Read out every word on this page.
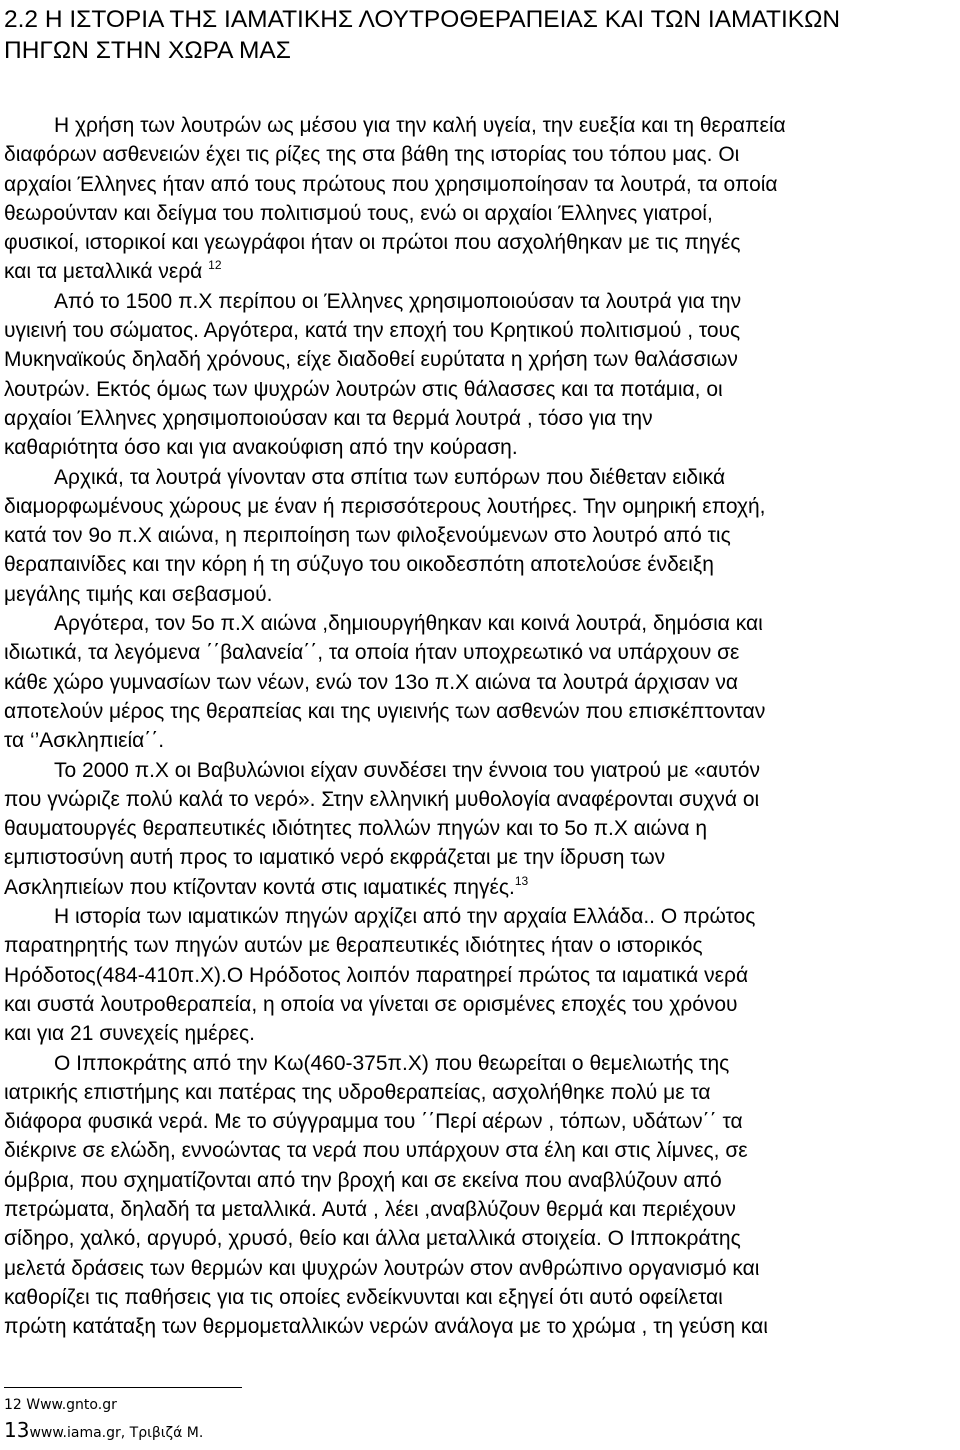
2.2 Η ΙΣΤΟΡΙΑ ΤΗΣ ΙΑΜΑΤΙΚΗΣ ΛΟΥΤΡΟΘΕΡΑΠΕΙΑΣ ΚΑΙ ΤΩΝ ΙΑΜΑΤΙΚΩΝ
ΠΗΓΩΝ ΣΤΗΝ ΧΩΡΑ ΜΑΣ

Η χρήση των λουτρών ως μέσου για την καλή υγεία, την ευεξία και τη θεραπεία
διαφόρων ασθενειών έχει τις ρίζες της στα βάθη της ιστορίας του τόπου μας. Οι
αρχαίοι Έλληνες ήταν από τους πρώτους που χρησιμοποίησαν τα λουτρά, τα οποία
θεωρούνταν και δείγμα του πολιτισμού τους, ενώ οι αρχαίοι Έλληνες γιατροί,
φυσικοί, ιστορικοί και γεωγράφοι ήταν οι πρώτοι που ασχολήθηκαν με τις πηγές
και τα μεταλλικά νερά $^{12}$

Από το 1500 π.Χ περίπου οι Έλληνες χρησιμοποιούσαν τα λουτρά για την
υγιεινή του σώματος. Αργότερα, κατά την εποχή του Κρητικού πολιτισμού , τους
Μυκηναϊκούς δηλαδή χρόνους, είχε διαδοθεί ευρύτατα η χρήση των θαλάσσιων
λουτρών. Εκτός όμως των ψυχρών λουτρών στις θάλασσες και τα ποτάμια, οι
αρχαίοι Έλληνες χρησιμοποιούσαν και τα θερμά λουτρά , τόσο για την
καθαριότητα όσο και για ανακούφιση από την κούραση.

Αρχικά, τα λουτρά γίνονταν στα σπίτια των ευπόρων που διέθεταν ειδικά
διαμορφωμένους χώρους με έναν ή περισσότερους λουτήρες. Την ομηρική εποχή,
κατά τον 9ο π.Χ αιώνα, η περιποίηση των φιλοξενούμενων στο λουτρό από τις
θεραπαινίδες και την κόρη ή τη σύζυγο του οικοδεσπότη αποτελούσε ένδειξη
μεγάλης τιμής και σεβασμού.

Αργότερα, τον 5ο π.Χ αιώνα ,δημιουργήθηκαν και κοινά λουτρά, δημόσια και
ιδιωτικά, τα λεγόμενα ΄΄βαλανεία΄΄, τα οποία ήταν υποχρεωτικό να υπάρχουν σε
κάθε χώρο γυμνασίων των νέων, ενώ τον 13ο π.Χ αιώνα τα λουτρά άρχισαν να
αποτελούν μέρος της θεραπείας και της υγιεινής των ασθενών που επισκέπτονταν
τα ‘’Ασκληπιεία΄΄.

Το 2000 π.Χ οι Βαβυλώνιοι είχαν συνδέσει την έννοια του γιατρού με «αυτόν
που γνώριζε πολύ καλά το νερό». Στην ελληνική μυθολογία αναφέρονται συχνά οι
θαυματουργές θεραπευτικές ιδιότητες πολλών πηγών και το 5ο π.Χ αιώνα η
εμπιστοσύνη αυτή προς το ιαματικό νερό εκφράζεται με την ίδρυση των
Ασκληπιείων που κτίζονταν κοντά στις ιαματικές πηγές.$^{13}$

Η ιστορία των ιαματικών πηγών αρχίζει από την αρχαία Ελλάδα.. Ο πρώτος
παρατηρητής των πηγών αυτών με θεραπευτικές ιδιότητες ήταν ο ιστορικός
Ηρόδοτος(484-410π.Χ).Ο Ηρόδοτος λοιπόν παρατηρεί πρώτος τα ιαματικά νερά
και συστά λουτροθεραπεία, η οποία να γίνεται σε ορισμένες εποχές του χρόνου
και για 21 συνεχείς ημέρες.

Ο Ιπποκράτης από την Κω(460-375π.Χ) που θεωρείται ο θεμελιωτής της
ιατρικής επιστήμης και πατέρας της υδροθεραπείας, ασχολήθηκε πολύ με τα
διάφορα φυσικά νερά. Με το σύγγραμμα του ΄΄Περί αέρων , τόπων, υδάτων΄΄ τα
διέκρινε σε ελώδη, εννοώντας τα νερά που υπάρχουν στα έλη και στις λίμνες, σε
όμβρια, που σχηματίζονται από την βροχή και σε εκείνα που αναβλύζουν από
πετρώματα, δηλαδή τα μεταλλικά. Αυτά , λέει ,αναβλύζουν θερμά και περιέχουν
σίδηρο, χαλκό, αργυρό, χρυσό, θείο και άλλα μεταλλικά στοιχεία. Ο Ιπποκράτης
μελετά δράσεις των θερμών και ψυχρών λουτρών στον ανθρώπινο οργανισμό και
καθορίζει τις παθήσεις για τις οποίες ενδείκνυνται και εξηγεί ότι αυτό οφείλεται
πρώτη κατάταξη των θερμομεταλλικών νερών ανάλογα με το χρώμα , τη γεύση και

12 Www.gnto.gr
13www.iama.gr, Τριβιζά Μ.
